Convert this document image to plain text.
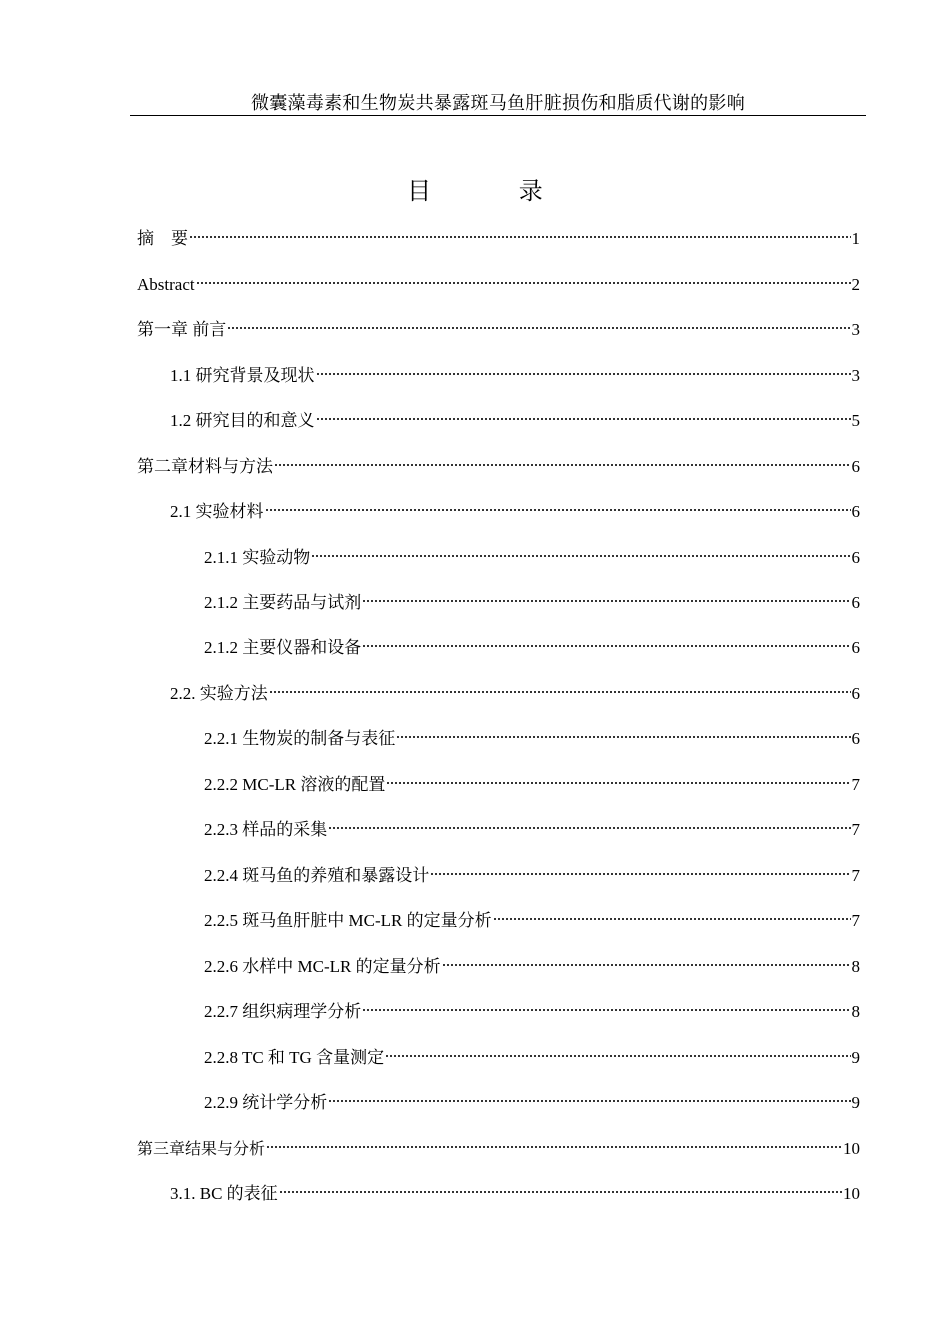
微囊藻毒素和生物炭共暴露斑马鱼肝脏损伤和脂质代谢的影响
目 录
摘　要	1
Abstract	2
第一章 前言	3
1.1 研究背景及现状	3
1.2 研究目的和意义	5
第二章材料与方法	6
2.1 实验材料	6
2.1.1 实验动物	6
2.1.2 主要药品与试剂	6
2.1.2 主要仪器和设备	6
2.2. 实验方法	6
2.2.1 生物炭的制备与表征	6
2.2.2 MC-LR 溶液的配置	7
2.2.3 样品的采集	7
2.2.4 斑马鱼的养殖和暴露设计	7
2.2.5 斑马鱼肝脏中 MC-LR 的定量分析	7
2.2.6 水样中 MC-LR 的定量分析	8
2.2.7 组织病理学分析	8
2.2.8 TC 和 TG 含量测定	9
2.2.9 统计学分析	9
第三章结果与分析	10
3.1. BC 的表征	10
